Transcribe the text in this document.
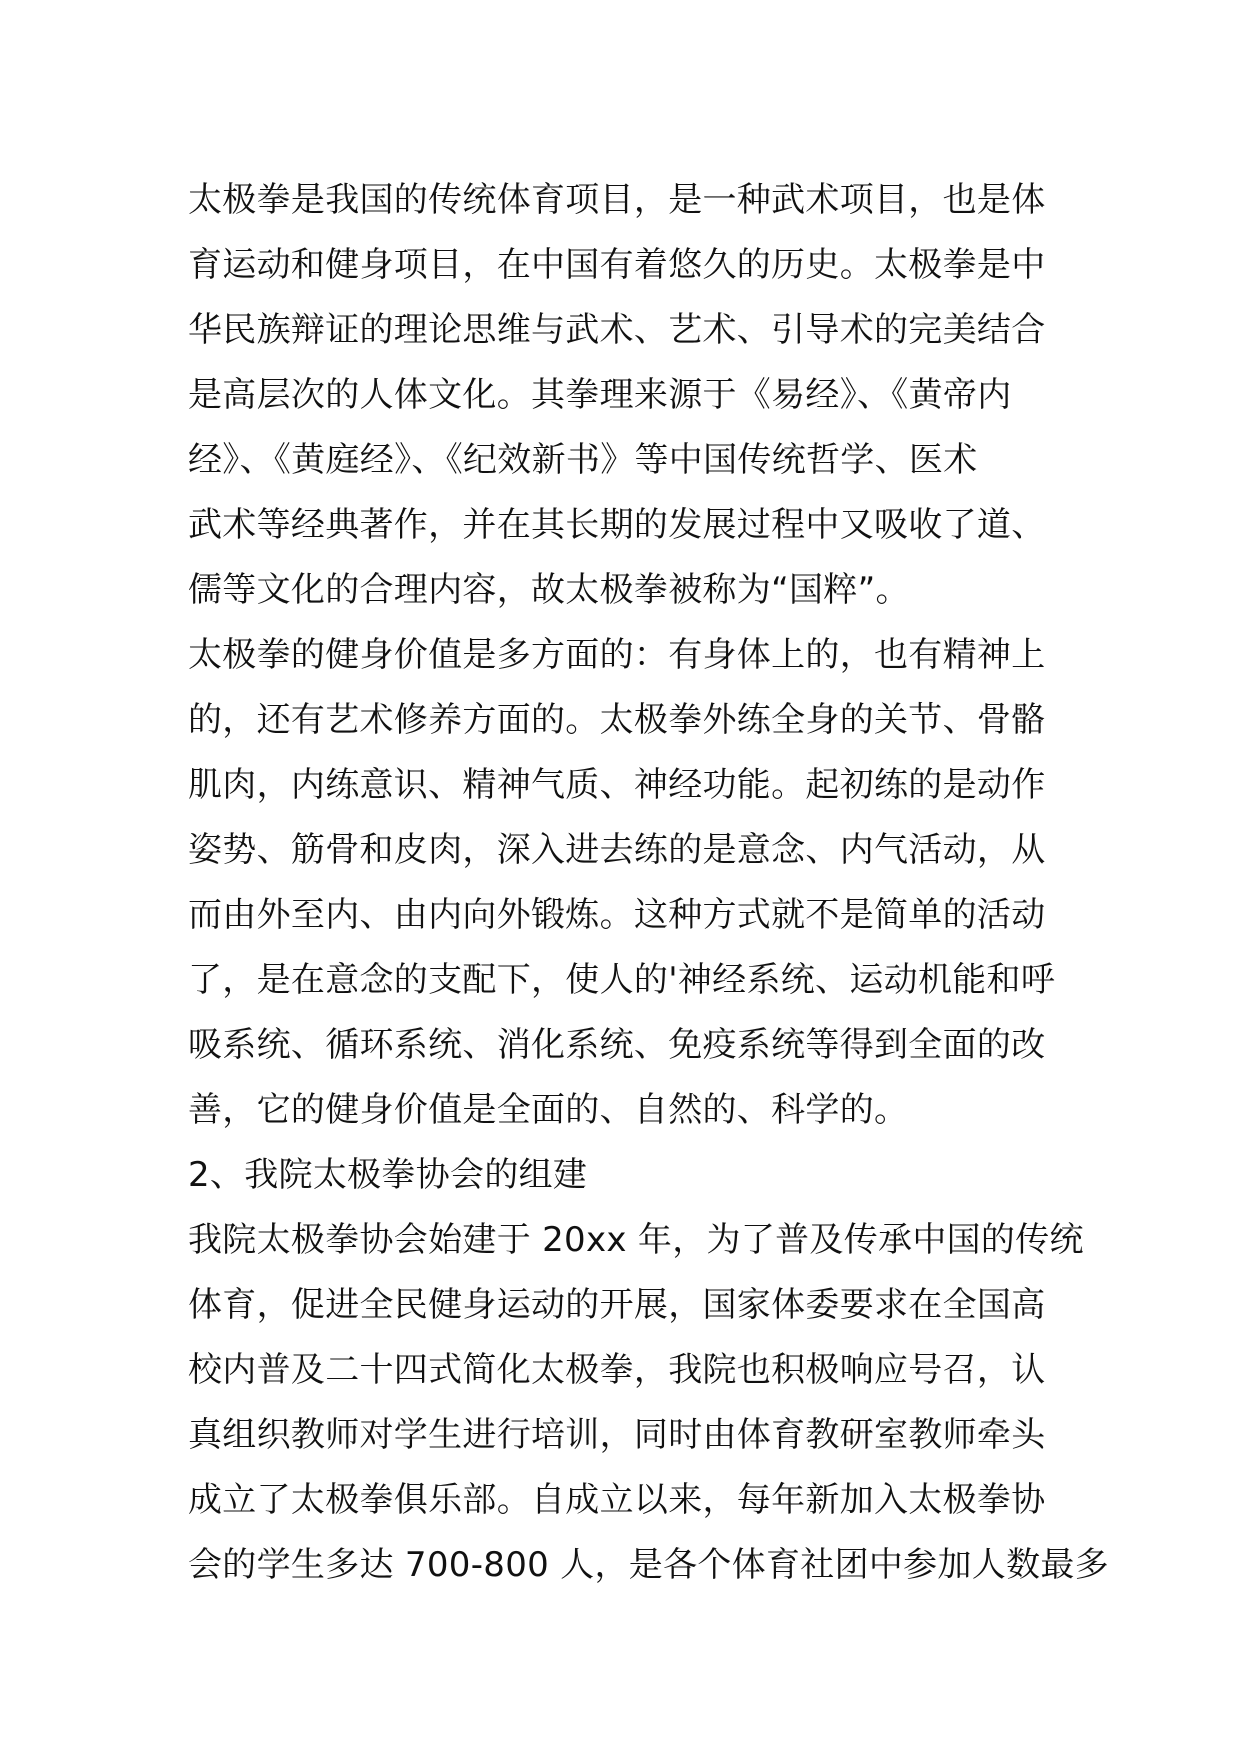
太极拳是我国的传统体育项目，是一种武术项目，也是体
育运动和健身项目，在中国有着悠久的历史。太极拳是中
华民族辩证的理论思维与武术、艺术、引导术的完美结合
是高层次的人体文化。其拳理来源于《易经》、《黄帝内
经》、《黄庭经》、《纪效新书》等中国传统哲学、医术
武术等经典著作，并在其长期的发展过程中又吸收了道、
儒等文化的合理内容，故太极拳被称为“国粹”。
太极拳的健身价值是多方面的：有身体上的，也有精神上
的，还有艺术修养方面的。太极拳外练全身的关节、骨骼
肌肉，内练意识、精神气质、神经功能。起初练的是动作
姿势、筋骨和皮肉，深入进去练的是意念、内气活动，从
而由外至内、由内向外锻炼。这种方式就不是简单的活动
了，是在意念的支配下，使人的'神经系统、运动机能和呼
吸系统、循环系统、消化系统、免疫系统等得到全面的改
善，它的健身价值是全面的、自然的、科学的。
2、我院太极拳协会的组建
我院太极拳协会始建于 20xx 年，为了普及传承中国的传统
体育，促进全民健身运动的开展，国家体委要求在全国高
校内普及二十四式简化太极拳，我院也积极响应号召，认
真组织教师对学生进行培训，同时由体育教研室教师牵头
成立了太极拳俱乐部。自成立以来，每年新加入太极拳协
会的学生多达 700-800 人，是各个体育社团中参加人数最多
